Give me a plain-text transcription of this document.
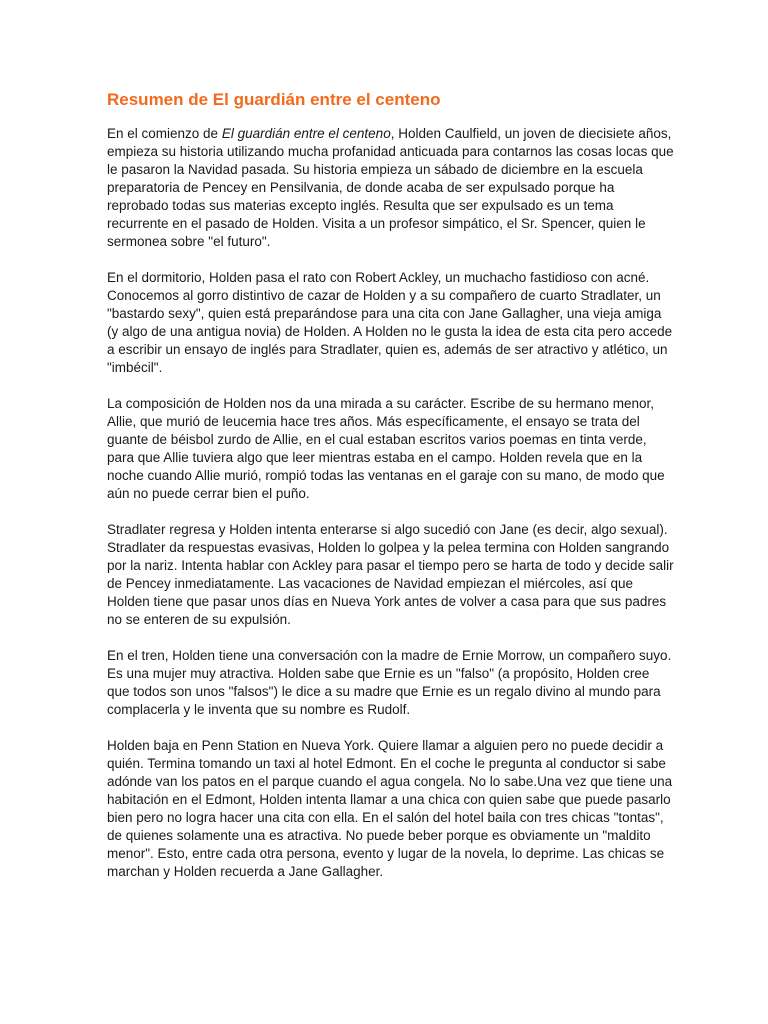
Resumen de El guardián entre el centeno

En el comienzo de El guardián entre el centeno, Holden Caulfield, un joven de diecisiete años,
empieza su historia utilizando mucha profanidad anticuada para contarnos las cosas locas que
le pasaron la Navidad pasada. Su historia empieza un sábado de diciembre en la escuela
preparatoria de Pencey en Pensilvania, de donde acaba de ser expulsado porque ha
reprobado todas sus materias excepto inglés. Resulta que ser expulsado es un tema
recurrente en el pasado de Holden. Visita a un profesor simpático, el Sr. Spencer, quien le
sermonea sobre "el futuro".

En el dormitorio, Holden pasa el rato con Robert Ackley, un muchacho fastidioso con acné.
Conocemos al gorro distintivo de cazar de Holden y a su compañero de cuarto Stradlater, un
"bastardo sexy", quien está preparándose para una cita con Jane Gallagher, una vieja amiga
(y algo de una antigua novia) de Holden. A Holden no le gusta la idea de esta cita pero accede
a escribir un ensayo de inglés para Stradlater, quien es, además de ser atractivo y atlético, un
"imbécil".

La composición de Holden nos da una mirada a su carácter. Escribe de su hermano menor,
Allie, que murió de leucemia hace tres años. Más específicamente, el ensayo se trata del
guante de béisbol zurdo de Allie, en el cual estaban escritos varios poemas en tinta verde,
para que Allie tuviera algo que leer mientras estaba en el campo. Holden revela que en la
noche cuando Allie murió, rompió todas las ventanas en el garaje con su mano, de modo que
aún no puede cerrar bien el puño.

Stradlater regresa y Holden intenta enterarse si algo sucedió con Jane (es decir, algo sexual).
Stradlater da respuestas evasivas, Holden lo golpea y la pelea termina con Holden sangrando
por la nariz. Intenta hablar con Ackley para pasar el tiempo pero se harta de todo y decide salir
de Pencey inmediatamente. Las vacaciones de Navidad empiezan el miércoles, así que
Holden tiene que pasar unos días en Nueva York antes de volver a casa para que sus padres
no se enteren de su expulsión.

En el tren, Holden tiene una conversación con la madre de Ernie Morrow, un compañero suyo.
Es una mujer muy atractiva. Holden sabe que Ernie es un "falso" (a propósito, Holden cree
que todos son unos "falsos") le dice a su madre que Ernie es un regalo divino al mundo para
complacerla y le inventa que su nombre es Rudolf.

Holden baja en Penn Station en Nueva York. Quiere llamar a alguien pero no puede decidir a
quién. Termina tomando un taxi al hotel Edmont. En el coche le pregunta al conductor si sabe
adónde van los patos en el parque cuando el agua congela. No lo sabe.Una vez que tiene una
habitación en el Edmont, Holden intenta llamar a una chica con quien sabe que puede pasarlo
bien pero no logra hacer una cita con ella. En el salón del hotel baila con tres chicas "tontas",
de quienes solamente una es atractiva. No puede beber porque es obviamente un "maldito
menor". Esto, entre cada otra persona, evento y lugar de la novela, lo deprime. Las chicas se
marchan y Holden recuerda a Jane Gallagher.
